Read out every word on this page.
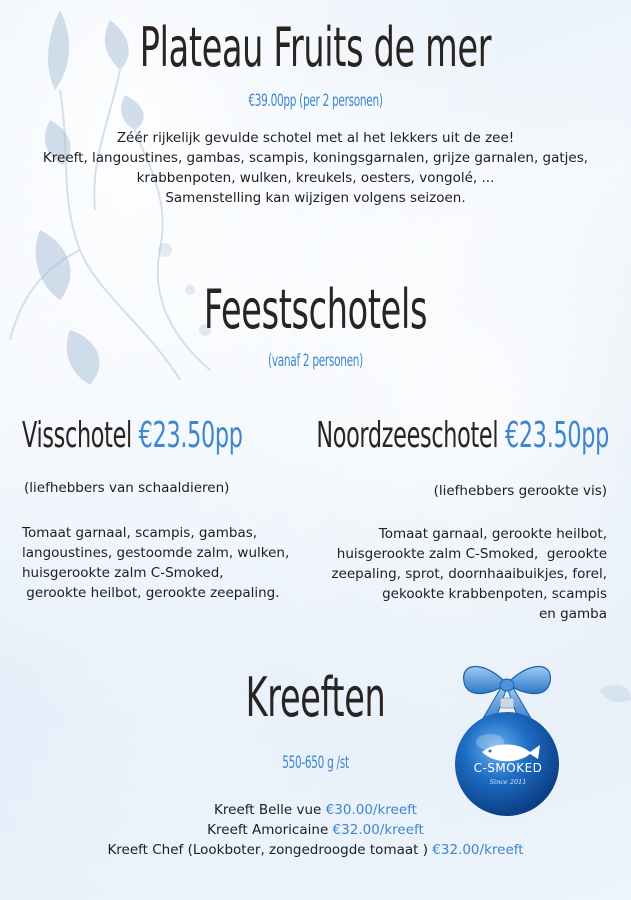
Plateau Fruits de mer
€39.00pp (per 2 personen)
Zéér rijkelijk gevulde schotel met al het lekkers uit de zee!
Kreeft, langoustines, gambas, scampis, koningsgarnalen, grijze garnalen, gatjes,
krabbenpoten, wulken, kreukels, oesters, vongolé, ...
Samenstelling kan wijzigen volgens seizoen.
Feestschotels
(vanaf 2 personen)
Visschotel €23.50pp Noordzeeschotel €23.50pp
(liefhebbers van schaaldieren)	(liefhebbers gerookte vis)
Tomaat garnaal, scampis, gambas,
langoustines, gestoomde zalm, wulken,
huisgerookte zalm C-Smoked,
gerookte heilbot, gerookte zeepaling.
Tomaat garnaal, gerookte heilbot,
huisgerookte zalm C-Smoked,  gerookte
zeepaling, sprot, doornhaaibuikjes, forel,
gekookte krabbenpoten, scampis
en gamba
Kreeften
550-650 g /st
Kreeft Belle vue €30.00/kreeft
Kreeft Amoricaine €32.00/kreeft
Kreeft Chef (Lookboter, zongedroogde tomaat ) €32.00/kreeft
C-SMOKED
Since 2011
